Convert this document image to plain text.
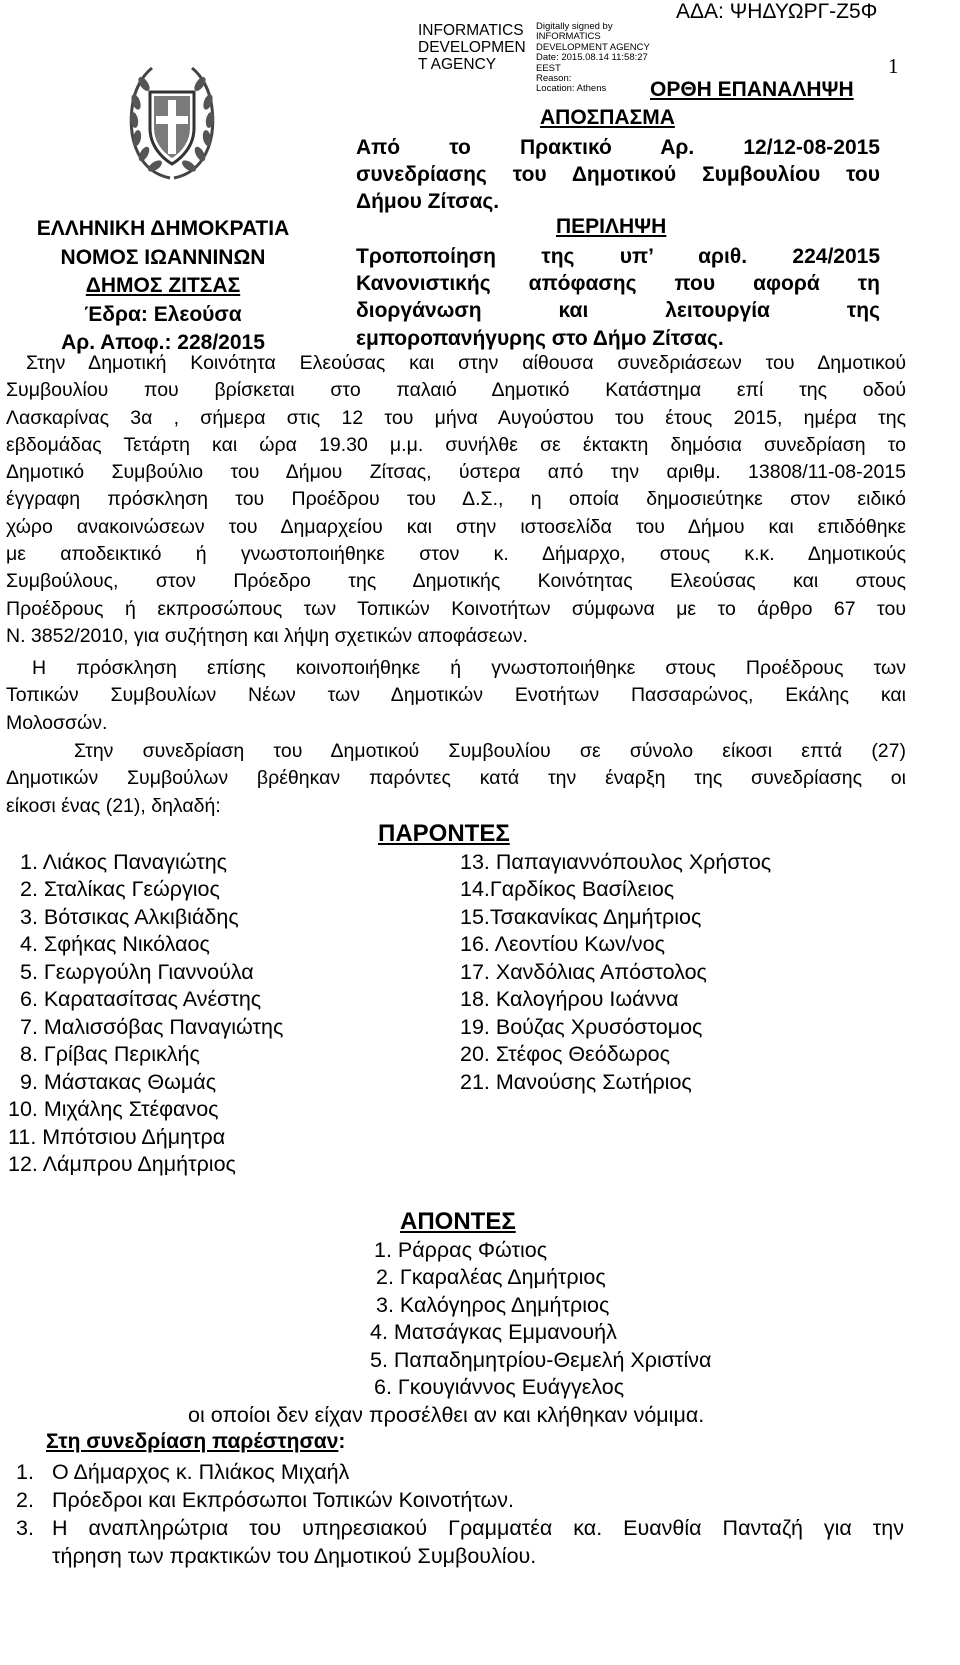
INFORMATICS
DEVELOPMEN
T AGENCY
Digitally signed by
INFORMATICS
DEVELOPMENT AGENCY
Date: 2015.08.14 11:58:27
EEST
Reason:
Location: Athens
ΑΔΑ: ΨΗΔΥΩΡΓ-Ζ5Φ
1
ΕΛΛΗΝΙΚΗ ΔΗΜΟΚΡΑΤΙΑ
ΝΟΜΟΣ ΙΩΑΝΝΙΝΩΝ
ΔΗΜΟΣ ΖΙΤΣΑΣ
Έδρα: Ελεούσα
Αρ. Αποφ.: 228/2015
ΟΡΘΗ ΕΠΑΝΑΛΗΨΗ
ΑΠΟΣΠΑΣΜΑ
Από το Πρακτικό Αρ. 12/12-08-2015
συνεδρίασης του Δημοτικού Συμβουλίου του
Δήμου Ζίτσας.
ΠΕΡΙΛΗΨΗ
Τροποποίηση της υπ’ αριθ. 224/2015
Κανονιστικής απόφασης που αφορά τη
διοργάνωση και λειτουργία της
εμποροπανήγυρης στο Δήμο Ζίτσας.
Στην Δημοτική Κοινότητα Ελεούσας και στην αίθουσα συνεδριάσεων του Δημοτικού
Συμβουλίου που βρίσκεται στο παλαιό Δημοτικό Κατάστημα επί της οδού
Λασκαρίνας 3α , σήμερα στις 12 του μήνα Αυγούστου του έτους 2015, ημέρα της
εβδομάδας Τετάρτη και ώρα 19.30 μ.μ. συνήλθε σε έκτακτη δημόσια συνεδρίαση το
Δημοτικό Συμβούλιο του Δήμου Ζίτσας, ύστερα από την αριθμ. 13808/11-08-2015
έγγραφη πρόσκληση του Προέδρου του Δ.Σ., η οποία δημοσιεύτηκε στον ειδικό
χώρο ανακοινώσεων του Δημαρχείου και στην ιστοσελίδα του Δήμου και επιδόθηκε
με αποδεικτικό ή γνωστοποιήθηκε στον κ. Δήμαρχο, στους κ.κ. Δημοτικούς
Συμβούλους, στον Πρόεδρο της Δημοτικής Κοινότητας Ελεούσας και στους
Προέδρους ή εκπροσώπους των Τοπικών Κοινοτήτων σύμφωνα με το άρθρο 67 του
Ν. 3852/2010, για συζήτηση και λήψη σχετικών αποφάσεων.
Η πρόσκληση επίσης κοινοποιήθηκε ή γνωστοποιήθηκε στους Προέδρους των
Τοπικών Συμβουλίων Νέων των Δημοτικών Ενοτήτων Πασσαρώνος, Εκάλης και
Μολοσσών.
Στην συνεδρίαση του Δημοτικού Συμβουλίου σε σύνολο είκοσι επτά (27)
Δημοτικών Συμβούλων βρέθηκαν παρόντες κατά την έναρξη της συνεδρίασης οι
είκοσι ένας (21), δηλαδή:
ΠΑΡΟΝΤΕΣ
1. Λιάκος Παναγιώτης
2. Σταλίκας Γεώργιος
3. Βότσικας Αλκιβιάδης
4. Σφήκας Νικόλαος
5. Γεωργούλη Γιαννούλα
6. Καρατασίτσας Ανέστης
7. Μαλισσόβας Παναγιώτης
8. Γρίβας Περικλής
9. Μάστακας Θωμάς
10. Μιχάλης Στέφανος
11. Μπότσιου Δήμητρα
12. Λάμπρου Δημήτριος
13. Παπαγιαννόπουλος Χρήστος
14.Γαρδίκος Βασίλειος
15.Τσακανίκας Δημήτριος
16. Λεοντίου Κων/νος
17. Χανδόλιας Απόστολος
18. Καλογήρου Ιωάννα
19. Βούζας Χρυσόστομος
20. Στέφος Θεόδωρος
21. Μανούσης Σωτήριος
ΑΠΟΝΤΕΣ
1. Ράρρας Φώτιος
2. Γκαραλέας Δημήτριος
3. Καλόγηρος Δημήτριος
4. Ματσάγκας Εμμανουήλ
5. Παπαδημητρίου-Θεμελή Χριστίνα
6. Γκουγιάννος Ευάγγελος
οι οποίοι δεν είχαν προσέλθει αν και κλήθηκαν νόμιμα.
Στη συνεδρίαση παρέστησαν:
1. Ο Δήμαρχος κ. Πλιάκος Μιχαήλ
2. Πρόεδροι και Εκπρόσωποι Τοπικών Κοινοτήτων.
3. Η αναπληρώτρια του υπηρεσιακού Γραμματέα κα. Ευανθία Πανταζή για την
τήρηση των πρακτικών του Δημοτικού Συμβουλίου.
